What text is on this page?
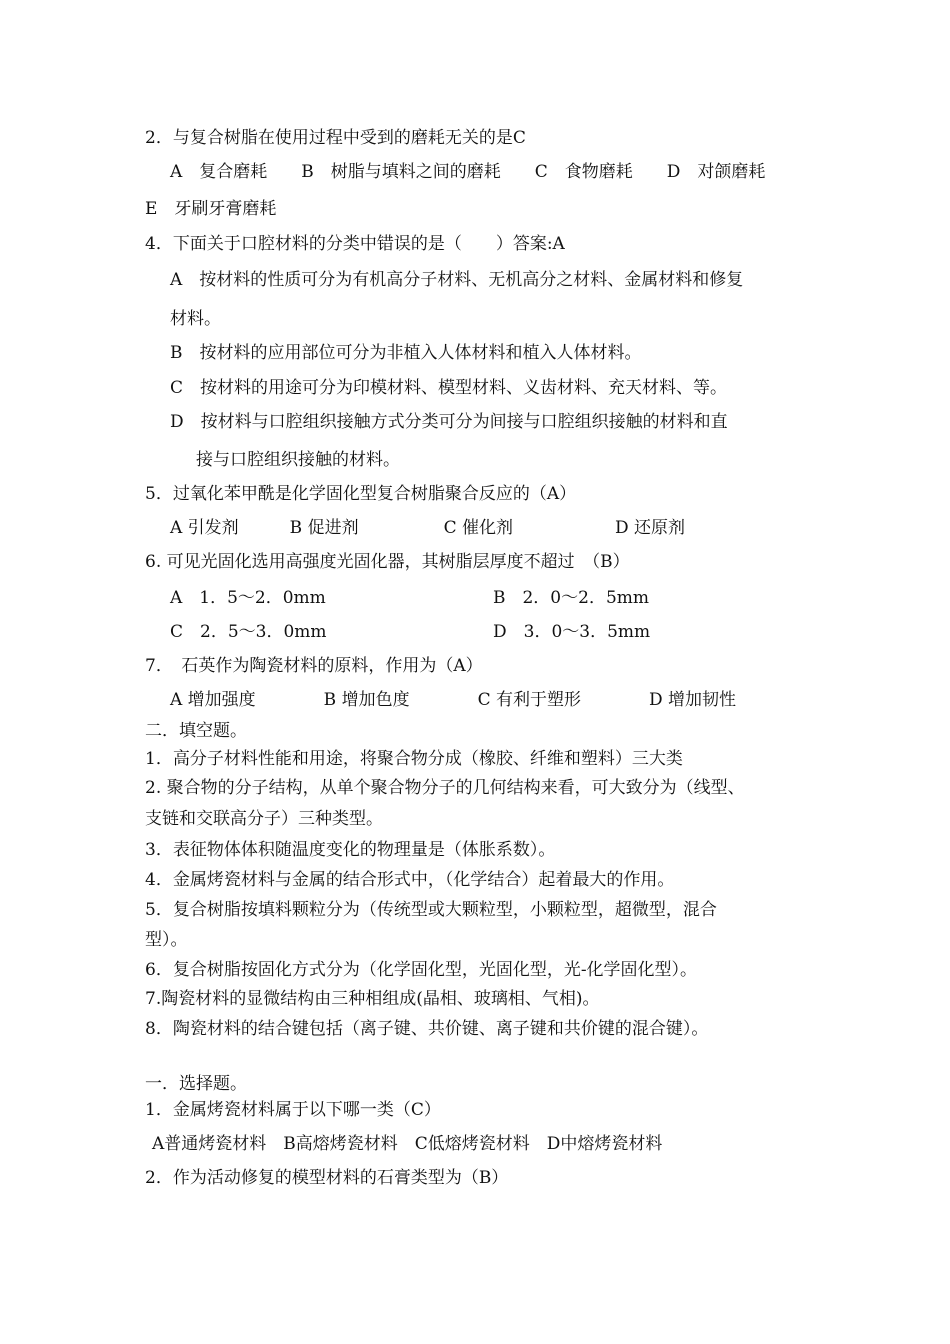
2．与复合树脂在使用过程中受到的磨耗无关的是C
A　复合磨耗　　B　树脂与填料之间的磨耗　　C　食物磨耗　　D　对颌磨耗
E　牙刷牙膏磨耗
4．下面关于口腔材料的分类中错误的是（　　）答案:A
A　按材料的性质可分为有机高分子材料、无机高分之材料、金属材料和修复
材料。
B　按材料的应用部位可分为非植入人体材料和植入人体材料。
C　按材料的用途可分为印模材料、模型材料、义齿材料、充天材料、等。
D　按材料与口腔组织接触方式分类可分为间接与口腔组织接触的材料和直
接与口腔组织接触的材料。
5．过氧化苯甲酰是化学固化型复合树脂聚合反应的（A）
A 引发剂　　　B 促进剂　　　　　C 催化剂　　　　　　D 还原剂
6. 可见光固化选用高强度光固化器，其树脂层厚度不超过　（B）
A　1．5～2．0mm	B　2．0～2．5mm
C　2．5～3．0mm	D　3．0～3．5mm
7．　石英作为陶瓷材料的原料，作用为（A）
A 增加强度　　　　B 增加色度　　　　C 有利于塑形　　　　D 增加韧性
二．填空题。
1．高分子材料性能和用途，将聚合物分成（橡胶、纤维和塑料）三大类
2. 聚合物的分子结构，从单个聚合物分子的几何结构来看，可大致分为（线型、
支链和交联高分子）三种类型。
3．表征物体体积随温度变化的物理量是（体胀系数）。
4．金属烤瓷材料与金属的结合形式中，（化学结合）起着最大的作用。
5．复合树脂按填料颗粒分为（传统型或大颗粒型，小颗粒型，超微型，混合
型）。
6．复合树脂按固化方式分为（化学固化型，光固化型，光-化学固化型）。
7.陶瓷材料的显微结构由三种相组成(晶相、玻璃相、气相)。
8．陶瓷材料的结合键包括（离子键、共价键、离子键和共价键的混合键）。
一．选择题。
1．金属烤瓷材料属于以下哪一类（C）
A普通烤瓷材料　B高熔烤瓷材料　C低熔烤瓷材料　D中熔烤瓷材料
2．作为活动修复的模型材料的石膏类型为（B）
